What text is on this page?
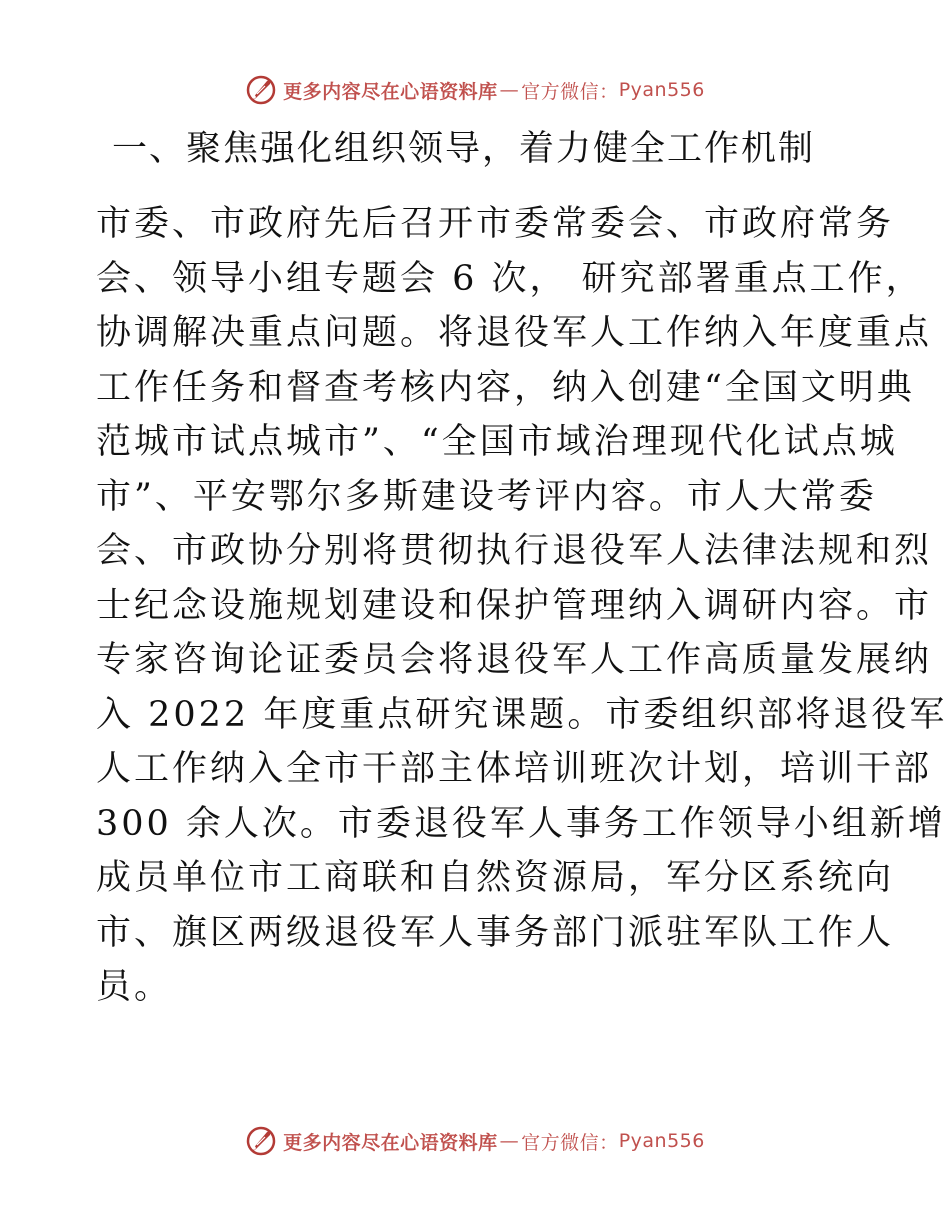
更多内容尽在心语资料库 — 官方微信： Pyan556
一、聚焦强化组织领导，着力健全工作机制
市委、市政府先后召开市委常委会、市政府常务
会、领导小组专题会 6 次， 研究部署重点工作，
协调解决重点问题。将退役军人工作纳入年度重点
工作任务和督查考核内容，纳入创建“全国文明典
范城市试点城市”、“全国市域治理现代化试点城
市”、平安鄂尔多斯建设考评内容。市人大常委
会、市政协分别将贯彻执行退役军人法律法规和烈
士纪念设施规划建设和保护管理纳入调研内容。市
专家咨询论证委员会将退役军人工作高质量发展纳
入 2022 年度重点研究课题。市委组织部将退役军
人工作纳入全市干部主体培训班次计划，培训干部
300 余人次。市委退役军人事务工作领导小组新增
成员单位市工商联和自然资源局，军分区系统向
市、旗区两级退役军人事务部门派驻军队工作人
员。
更多内容尽在心语资料库 — 官方微信： Pyan556
